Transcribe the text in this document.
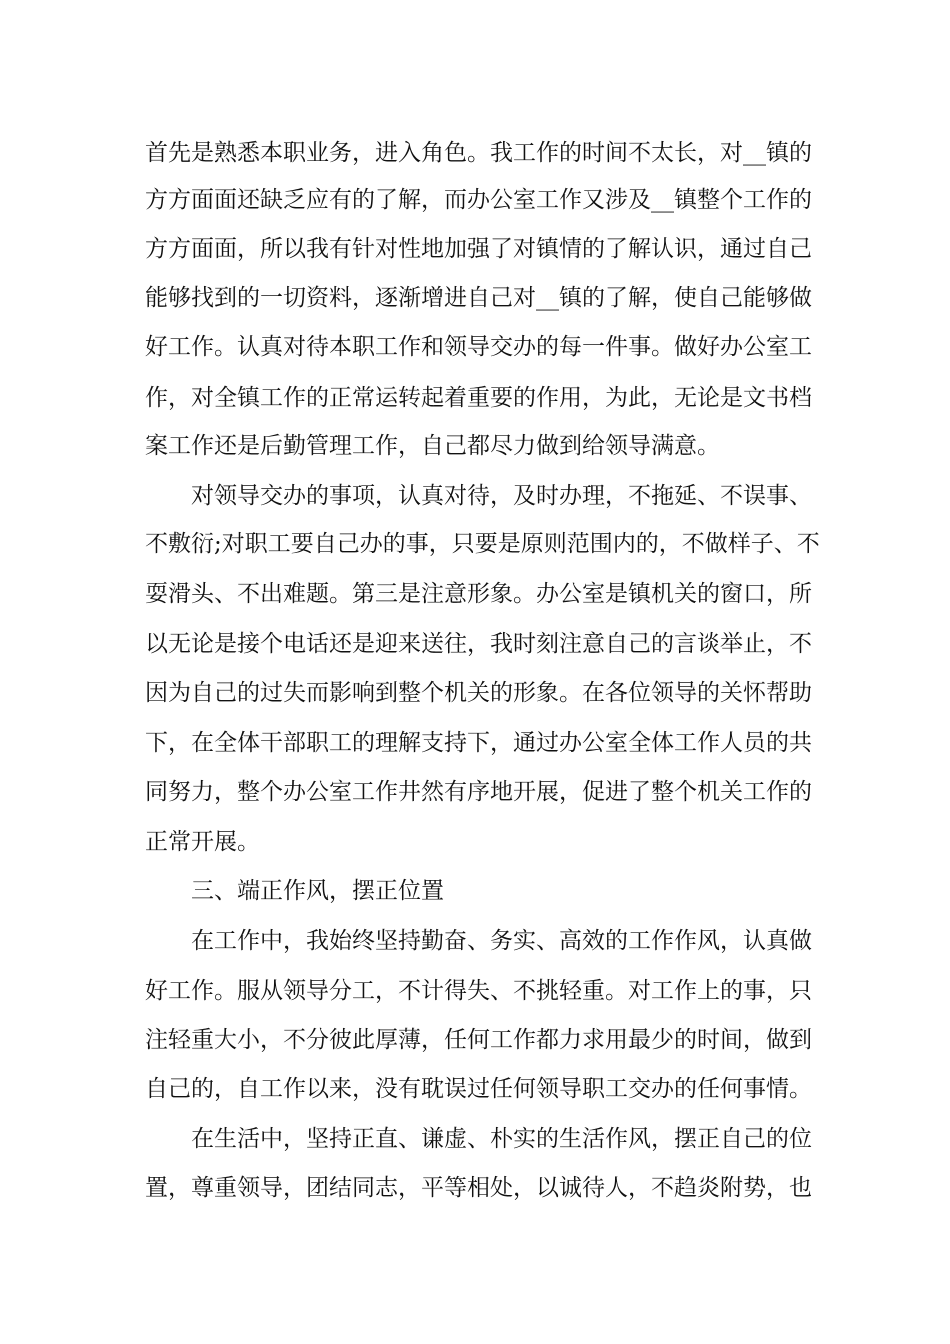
首先是熟悉本职业务，进入角色。我工作的时间不太长，对__镇的
方方面面还缺乏应有的了解，而办公室工作又涉及__镇整个工作的
方方面面，所以我有针对性地加强了对镇情的了解认识，通过自己
能够找到的一切资料，逐渐增进自己对__镇的了解，使自己能够做
好工作。认真对待本职工作和领导交办的每一件事。做好办公室工
作，对全镇工作的正常运转起着重要的作用，为此，无论是文书档
案工作还是后勤管理工作，自己都尽力做到给领导满意。
对领导交办的事项，认真对待，及时办理，不拖延、不误事、
不敷衍;对职工要自己办的事，只要是原则范围内的，不做样子、不
耍滑头、不出难题。第三是注意形象。办公室是镇机关的窗口，所
以无论是接个电话还是迎来送往，我时刻注意自己的言谈举止，不
因为自己的过失而影响到整个机关的形象。在各位领导的关怀帮助
下，在全体干部职工的理解支持下，通过办公室全体工作人员的共
同努力，整个办公室工作井然有序地开展，促进了整个机关工作的
正常开展。
三、端正作风，摆正位置
在工作中，我始终坚持勤奋、务实、高效的工作作风，认真做
好工作。服从领导分工，不计得失、不挑轻重。对工作上的事，只
注轻重大小，不分彼此厚薄，任何工作都力求用最少的时间，做到
自己的，自工作以来，没有耽误过任何领导职工交办的任何事情。
在生活中，坚持正直、谦虚、朴实的生活作风，摆正自己的位
置，尊重领导，团结同志，平等相处，以诚待人，不趋炎附势，也
